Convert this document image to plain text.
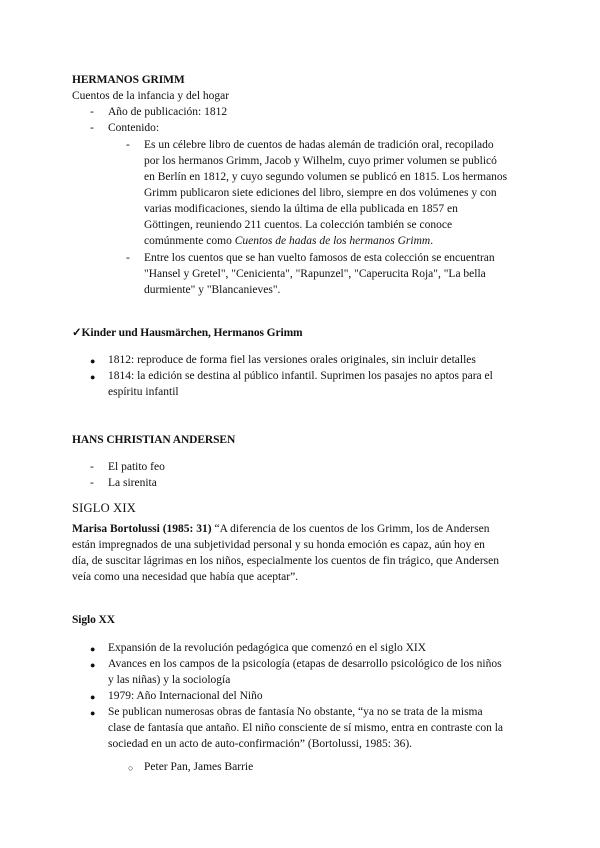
HERMANOS GRIMM
Cuentos de la infancia y del hogar
- Año de publicación: 1812
- Contenido:
- Es un célebre libro de cuentos de hadas alemán de tradición oral, recopilado
por los hermanos Grimm, Jacob y Wilhelm, cuyo primer volumen se publicó
en Berlín en 1812, y cuyo segundo volumen se publicó en 1815. Los hermanos
Grimm publicaron siete ediciones del libro, siempre en dos volúmenes y con
varias modificaciones, siendo la última de ella publicada en 1857 en
Göttingen, reuniendo 211 cuentos. La colección también se conoce
comúnmente como Cuentos de hadas de los hermanos Grimm.
- Entre los cuentos que se han vuelto famosos de esta colección se encuentran
"Hansel y Gretel", "Cenicienta", "Rapunzel", "Caperucita Roja", "La bella
durmiente" y "Blancanieves".
✓Kinder und Hausmärchen, Hermanos Grimm
● 1812: reproduce de forma fiel las versiones orales originales, sin incluir detalles
● 1814: la edición se destina al público infantil. Suprimen los pasajes no aptos para el
espíritu infantil
HANS CHRISTIAN ANDERSEN
- El patito feo
- La sirenita
SIGLO XIX
Marisa Bortolussi (1985: 31) “A diferencia de los cuentos de los Grimm, los de Andersen
están impregnados de una subjetividad personal y su honda emoción es capaz, aún hoy en
día, de suscitar lágrimas en los niños, especialmente los cuentos de fin trágico, que Andersen
veía como una necesidad que había que aceptar”.
Siglo XX
● Expansión de la revolución pedagógica que comenzó en el siglo XIX
● Avances en los campos de la psicología (etapas de desarrollo psicológico de los niños
y las niñas) y la sociología
● 1979: Año Internacional del Niño
● Se publican numerosas obras de fantasía No obstante, “ya no se trata de la misma
clase de fantasía que antaño. El niño consciente de sí mismo, entra en contraste con la
sociedad en un acto de auto-confirmación” (Bortolussi, 1985: 36).
○ Peter Pan, James Barrie
